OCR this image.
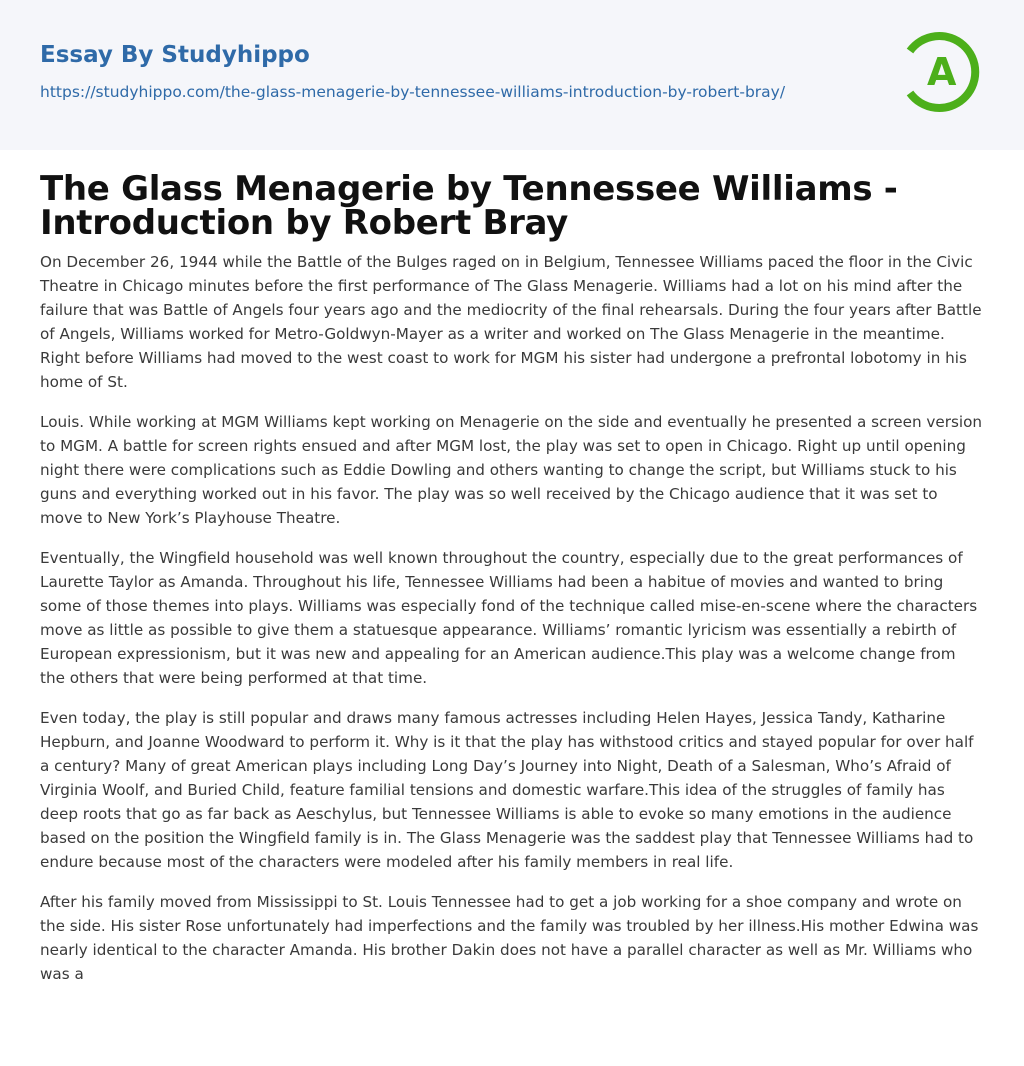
Essay By Studyhippo
https://studyhippo.com/the-glass-menagerie-by-tennessee-williams-introduction-by-robert-bray/	A
The Glass Menagerie by Tennessee Williams - Introduction by Robert Bray

On December 26, 1944 while the Battle of the Bulges raged on in Belgium, Tennessee Williams paced the floor in the Civic Theatre in Chicago minutes before the first performance of The Glass Menagerie. Williams had a lot on his mind after the failure that was Battle of Angels four years ago and the mediocrity of the final rehearsals. During the four years after Battle of Angels, Williams worked for Metro-Goldwyn-Mayer as a writer and worked on The Glass Menagerie in the meantime. Right before Williams had moved to the west coast to work for MGM his sister had undergone a prefrontal lobotomy in his home of St.

Louis. While working at MGM Williams kept working on Menagerie on the side and eventually he presented a screen version to MGM. A battle for screen rights ensued and after MGM lost, the play was set to open in Chicago. Right up until opening night there were complications such as Eddie Dowling and others wanting to change the script, but Williams stuck to his guns and everything worked out in his favor. The play was so well received by the Chicago audience that it was set to move to New York’s Playhouse Theatre.

Eventually, the Wingfield household was well known throughout the country, especially due to the great performances of Laurette Taylor as Amanda. Throughout his life, Tennessee Williams had been a habitue of movies and wanted to bring some of those themes into plays. Williams was especially fond of the technique called mise-en-scene where the characters move as little as possible to give them a statuesque appearance. Williams’ romantic lyricism was essentially a rebirth of European expressionism, but it was new and appealing for an American audience.This play was a welcome change from the others that were being performed at that time.

Even today, the play is still popular and draws many famous actresses including Helen Hayes, Jessica Tandy, Katharine Hepburn, and Joanne Woodward to perform it. Why is it that the play has withstood critics and stayed popular for over half a century? Many of great American plays including Long Day’s Journey into Night, Death of a Salesman, Who’s Afraid of Virginia Woolf, and Buried Child, feature familial tensions and domestic warfare.This idea of the struggles of family has deep roots that go as far back as Aeschylus, but Tennessee Williams is able to evoke so many emotions in the audience based on the position the Wingfield family is in. The Glass Menagerie was the saddest play that Tennessee Williams had to endure because most of the characters were modeled after his family members in real life.

After his family moved from Mississippi to St. Louis Tennessee had to get a job working for a shoe company and wrote on the side. His sister Rose unfortunately had imperfections and the family was troubled by her illness.His mother Edwina was nearly identical to the character Amanda. His brother Dakin does not have a parallel character as well as Mr. Williams who was a
